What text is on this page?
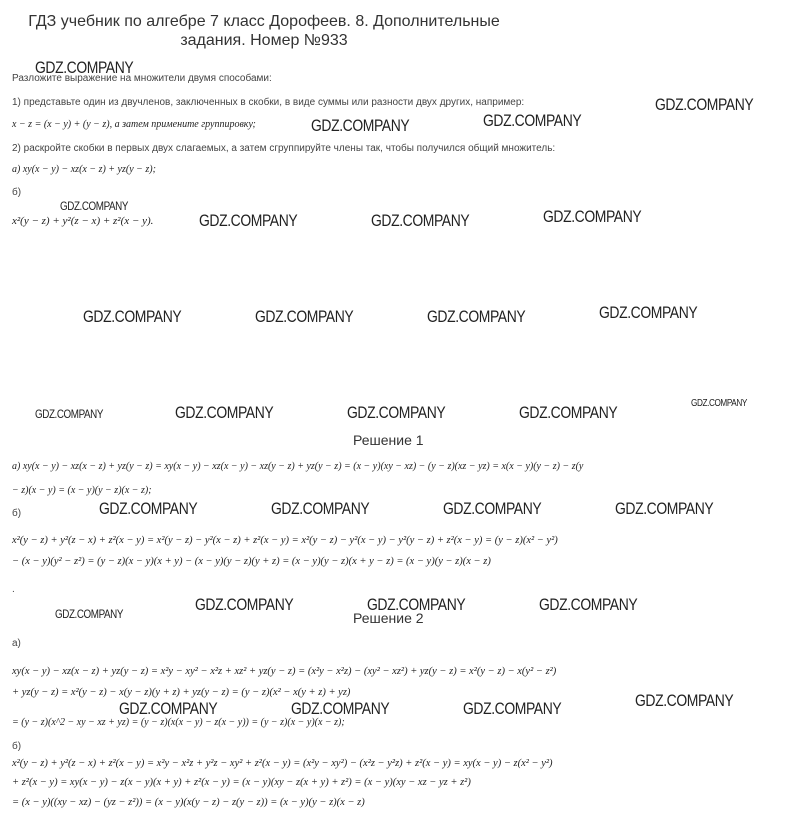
ГДЗ учебник по алгебре 7 класс Дорофеев. 8. Дополнительные
задания. Номер №933
Разложите выражение на множители двумя способами:
1) представьте один из двучленов, заключенных в скобки, в виде суммы или разности двух других, например:
x − z = (x − y) + (y − z), а затем примените группировку;
2) раскройте скобки в первых двух слагаемых, а затем сгруппируйте члены так, чтобы получился общий множитель:
а) xy(x − y) − xz(x − z) + yz(y − z);
б)
x²(y − z) + y²(z − x) + z²(x − y).
Решение 1
а) xy(x − y) − xz(x − z) + yz(y − z) = xy(x − y) − xz(x − y) − xz(y − z) + yz(y − z) = (x − y)(xy − xz) − (y − z)(xz − yz) = x(x − y)(y − z) − z(y
− z)(x − y) = (x − y)(y − z)(x − z);
б)
x²(y − z) + y²(z − x) + z²(x − y) = x²(y − z) − y²(x − z) + z²(x − y) = x²(y − z) − y²(x − y) − y²(y − z) + z²(x − y) = (y − z)(x² − y²)
− (x − y)(y² − z²) = (y − z)(x − y)(x + y) − (x − y)(y − z)(y + z) = (x − y)(y − z)(x + y − z) = (x − y)(y − z)(x − z)
.
Решение 2
а)
xy(x − y) − xz(x − z) + yz(y − z) = x²y − xy² − x²z + xz² + yz(y − z) = (x²y − x²z) − (xy² − xz²) + yz(y − z) = x²(y − z) − x(y² − z²)
+ yz(y − z) = x²(y − z) − x(y − z)(y + z) + yz(y − z) = (y − z)(x² − x(y + z) + yz)
= (y − z)(x^2 − xy − xz + yz) = (y − z)(x(x − y) − z(x − y)) = (y − z)(x − y)(x − z);
б)
x²(y − z) + y²(z − x) + z²(x − y) = x²y − x²z + y²z − xy² + z²(x − y) = (x²y − xy²) − (x²z − y²z) + z²(x − y) = xy(x − y) − z(x² − y²)
+ z²(x − y) = xy(x − y) − z(x − y)(x + y) + z²(x − y) = (x − y)(xy − z(x + y) + z²) = (x − y)(xy − xz − yz + z²)
= (x − y)((xy − xz) − (yz − z²)) = (x − y)(x(y − z) − z(y − z)) = (x − y)(y − z)(x − z)
GDZ.COMPANY
GDZ.COMPANY
GDZ.COMPANY	GDZ.COMPANY
GDZ.COMPANY
GDZ.COMPANY	GDZ.COMPANY	GDZ.COMPANY
GDZ.COMPANY	GDZ.COMPANY	GDZ.COMPANY	GDZ.COMPANY
GDZ.COMPANY	GDZ.COMPANY	GDZ.COMPANY	GDZ.COMPANY	GDZ.COMPANY
GDZ.COMPANY	GDZ.COMPANY	GDZ.COMPANY	GDZ.COMPANY
GDZ.COMPANY	GDZ.COMPANY	GDZ.COMPANY	GDZ.COMPANY
GDZ.COMPANY	GDZ.COMPANY	GDZ.COMPANY	GDZ.COMPANY
